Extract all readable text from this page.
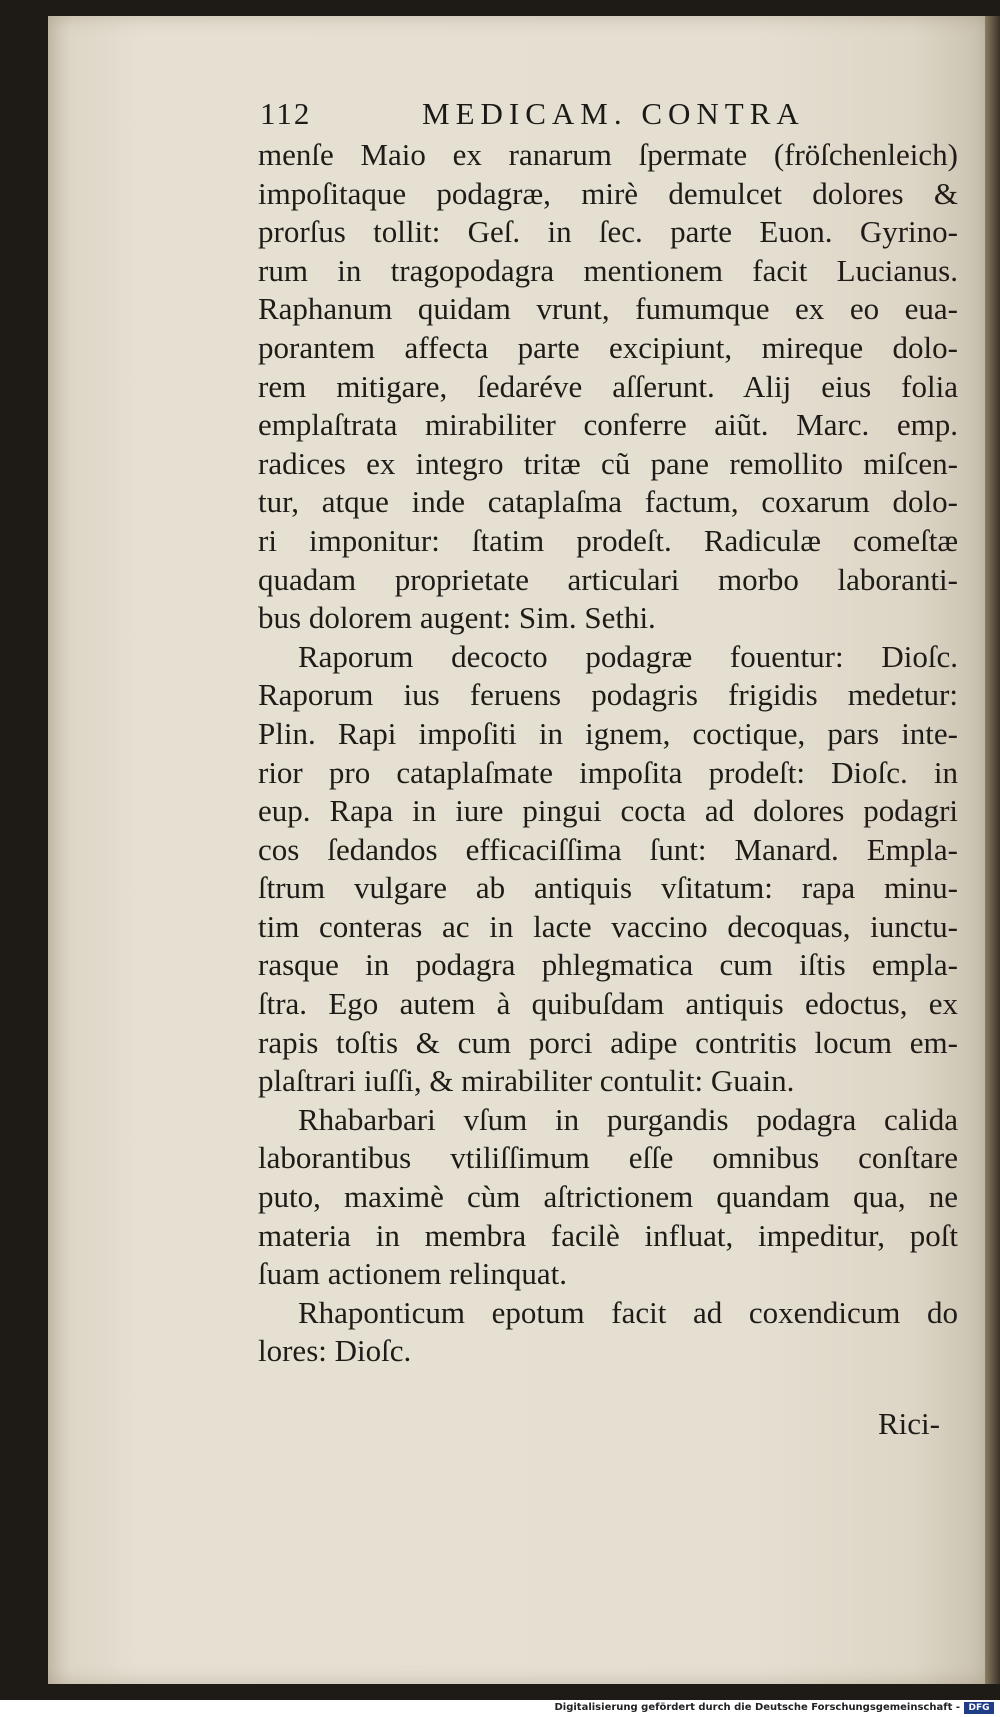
112	MEDICAM. CONTRA
menſe Maio ex ranarum ſpermate (fröſchenleich)
impoſitaque podagræ, mirè demulcet dolores &
prorſus tollit: Geſ. in ſec. parte Euon. Gyrino-
rum in tragopodagra mentionem facit Lucianus.
Raphanum quidam vrunt, fumumque ex eo eua-
porantem affecta parte excipiunt, mireque dolo-
rem mitigare, ſedaréve aſſerunt. Alij eius folia
emplaſtrata mirabiliter conferre aiũt. Marc. emp.
radices ex integro tritæ cũ pane remollito miſcen-
tur, atque inde cataplaſma factum, coxarum dolo-
ri imponitur: ſtatim prodeſt. Radiculæ comeſtæ
quadam proprietate articulari morbo laboranti-
bus dolorem augent: Sim. Sethi.
Raporum decocto podagræ fouentur: Dioſc.
Raporum ius feruens podagris frigidis medetur:
Plin. Rapi impoſiti in ignem, coctique, pars inte-
rior pro cataplaſmate impoſita prodeſt: Dioſc. in
eup. Rapa in iure pingui cocta ad dolores podagri
cos ſedandos efficaciſſima ſunt: Manard. Empla-
ſtrum vulgare ab antiquis vſitatum: rapa minu-
tim conteras ac in lacte vaccino decoquas, iunctu-
rasque in podagra phlegmatica cum iſtis empla-
ſtra. Ego autem à quibuſdam antiquis edoctus, ex
rapis toſtis & cum porci adipe contritis locum em-
plaſtrari iuſſi, & mirabiliter contulit: Guain.
Rhabarbari vſum in purgandis podagra calida
laborantibus vtiliſſimum eſſe omnibus conſtare
puto, maximè cùm aſtrictionem quandam qua, ne
materia in membra facilè influat, impeditur, poſt
ſuam actionem relinquat.
Rhaponticum epotum facit ad coxendicum do
lores: Dioſc.
Rici-
Digitalisierung gefördert durch die Deutsche Forschungsgemeinschaft - DFG
